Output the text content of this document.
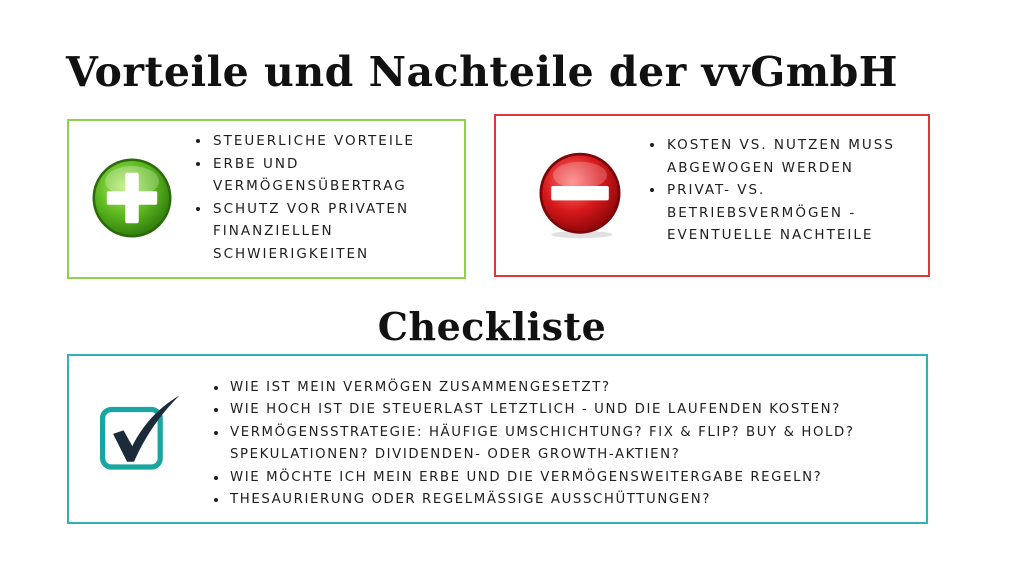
Vorteile und Nachteile der vvGmbH
• STEUERLICHE VORTEILE
• ERBE UND VERMÖGENSÜBERTRAG
• SCHUTZ VOR PRIVATEN FINANZIELLEN SCHWIERIGKEITEN
• KOSTEN VS. NUTZEN MUSS ABGEWOGEN WERDEN
• PRIVAT- VS. BETRIEBSVERMÖGEN - EVENTUELLE NACHTEILE
Checkliste
• WIE IST MEIN VERMÖGEN ZUSAMMENGESETZT?
• WIE HOCH IST DIE STEUERLAST LETZTLICH - UND DIE LAUFENDEN KOSTEN?
• VERMÖGENSSTRATEGIE: HÄUFIGE UMSCHICHTUNG? FIX & FLIP? BUY & HOLD? SPEKULATIONEN? DIVIDENDEN- ODER GROWTH-AKTIEN?
• WIE MÖCHTE ICH MEIN ERBE UND DIE VERMÖGENSWEITERGABE REGELN?
• THESAURIERUNG ODER REGELMÄSSIGE AUSSCHÜTTUNGEN?
